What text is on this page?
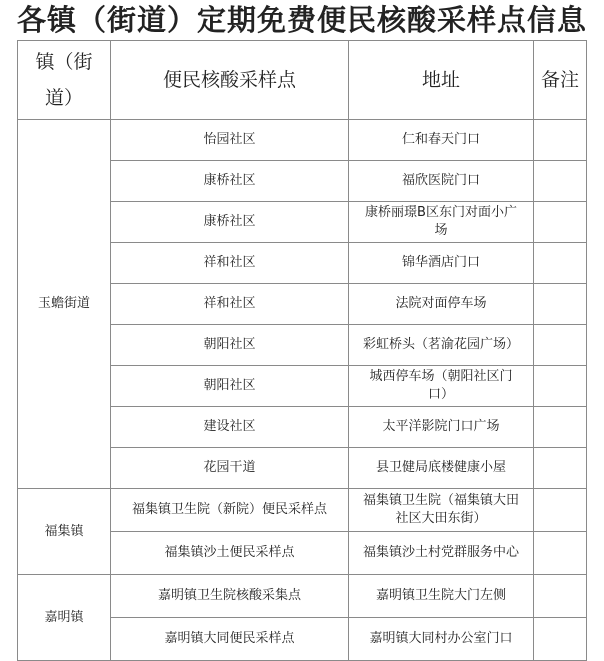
各镇（街道）定期免费便民核酸采样点信息
镇（街道）	便民核酸采样点	地址	备注
玉蟾街道	怡园社区	仁和春天门口	
	康桥社区	福欣医院门口	
	康桥社区	康桥丽璟B区东门对面小广场	
	祥和社区	锦华酒店门口	
	祥和社区	法院对面停车场	
	朝阳社区	彩虹桥头（茗渝花园广场）	
	朝阳社区	城西停车场（朝阳社区门口）	
	建设社区	太平洋影院门口广场	
	花园干道	县卫健局底楼健康小屋	
福集镇	福集镇卫生院（新院）便民采样点	福集镇卫生院（福集镇大田社区大田东街）	
	福集镇沙土便民采样点	福集镇沙土村党群服务中心	
嘉明镇	嘉明镇卫生院核酸采集点	嘉明镇卫生院大门左侧	
	嘉明镇大同便民采样点	嘉明镇大同村办公室门口	
